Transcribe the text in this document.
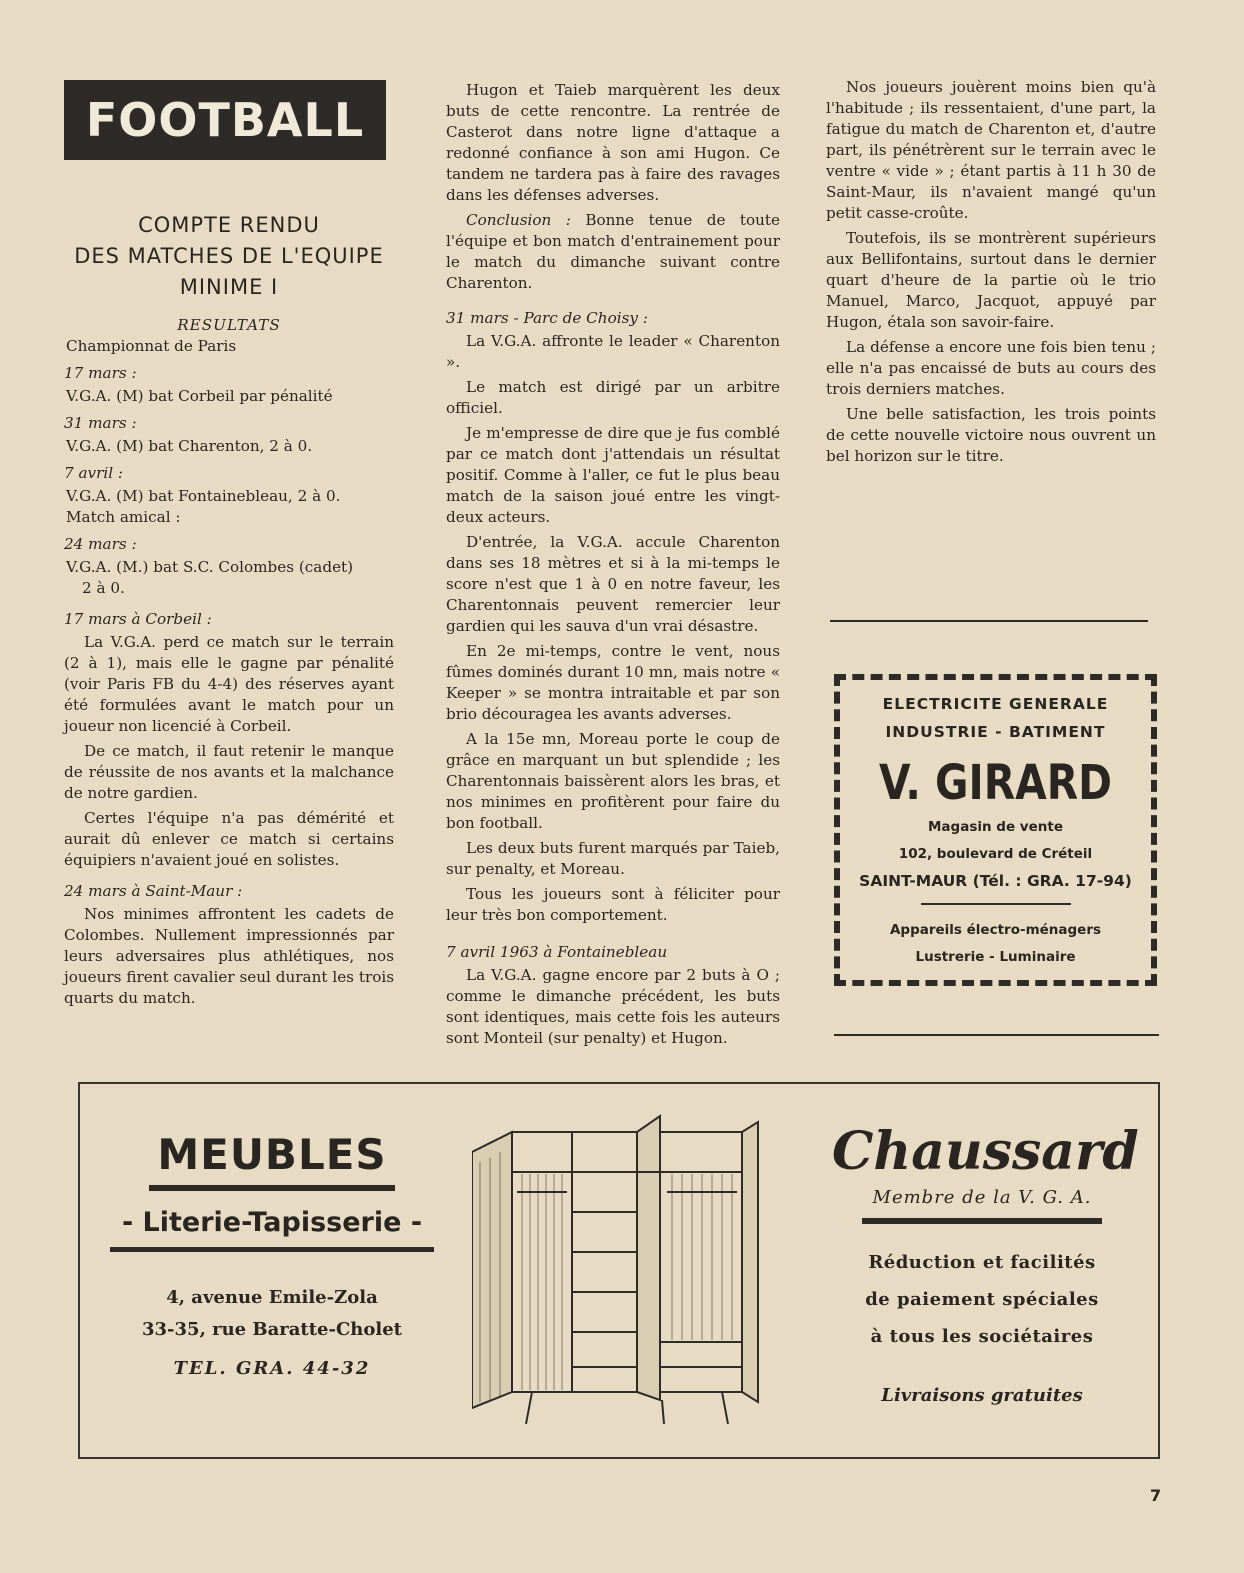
FOOTBALL
COMPTE RENDU
DES MATCHES DE L'EQUIPE
MINIME I
RESULTATS

Championnat de Paris

17 mars :

V.G.A. (M) bat Corbeil par pénalité

31 mars :

V.G.A. (M) bat Charenton, 2 à 0.

7 avril :

V.G.A. (M) bat Fontainebleau, 2 à 0.

Match amical :

24 mars :

V.G.A. (M.) bat S.C. Colombes (cadet)

2 à 0.

17 mars à Corbeil :

La V.G.A. perd ce match sur le terrain (2 à 1), mais elle le gagne par pénalité (voir Paris FB du 4-4) des réserves ayant été formulées avant le match pour un joueur non licencié à Corbeil.

De ce match, il faut retenir le manque de réussite de nos avants et la malchance de notre gardien.

Certes l'équipe n'a pas démérité et aurait dû enlever ce match si certains équipiers n'avaient joué en solistes.

24 mars à Saint-Maur :

Nos minimes affrontent les cadets de Colombes. Nullement impressionnés par leurs adversaires plus athlétiques, nos joueurs firent cavalier seul durant les trois quarts du match.

Hugon et Taieb marquèrent les deux buts de cette rencontre. La rentrée de Casterot dans notre ligne d'attaque a redonné confiance à son ami Hugon. Ce tandem ne tardera pas à faire des ravages dans les défenses adverses.

Conclusion : Bonne tenue de toute l'équipe et bon match d'entrainement pour le match du dimanche suivant contre Charenton.

31 mars - Parc de Choisy :

La V.G.A. affronte le leader « Charenton ».

Le match est dirigé par un arbitre officiel.

Je m'empresse de dire que je fus comblé par ce match dont j'attendais un résultat positif. Comme à l'aller, ce fut le plus beau match de la saison joué entre les vingt-deux acteurs.

D'entrée, la V.G.A. accule Charenton dans ses 18 mètres et si à la mi-temps le score n'est que 1 à 0 en notre faveur, les Charentonnais peuvent remercier leur gardien qui les sauva d'un vrai désastre.

En 2e mi-temps, contre le vent, nous fûmes dominés durant 10 mn, mais notre « Keeper » se montra intraitable et par son brio découragea les avants adverses.

A la 15e mn, Moreau porte le coup de grâce en marquant un but splendide ; les Charentonnais baissèrent alors les bras, et nos minimes en profitèrent pour faire du bon football.

Les deux buts furent marqués par Taieb, sur penalty, et Moreau.

Tous les joueurs sont à féliciter pour leur très bon comportement.

7 avril 1963 à Fontainebleau

La V.G.A. gagne encore par 2 buts à O ; comme le dimanche précédent, les buts sont identiques, mais cette fois les auteurs sont Monteil (sur penalty) et Hugon.

Nos joueurs jouèrent moins bien qu'à l'habitude ; ils ressentaient, d'une part, la fatigue du match de Charenton et, d'autre part, ils pénétrèrent sur le terrain avec le ventre « vide » ; étant partis à 11 h 30 de Saint-Maur, ils n'avaient mangé qu'un petit casse-croûte.

Toutefois, ils se montrèrent supérieurs aux Bellifontains, surtout dans le dernier quart d'heure de la partie où le trio Manuel, Marco, Jacquot, appuyé par Hugon, étala son savoir-faire.

La défense a encore une fois bien tenu ; elle n'a pas encaissé de buts au cours des trois derniers matches.

Une belle satisfaction, les trois points de cette nouvelle victoire nous ouvrent un bel horizon sur le titre.

ELECTRICITE GENERALE
INDUSTRIE - BATIMENT
V. GIRARD
Magasin de vente
102, boulevard de Créteil
SAINT-MAUR (Tél. : GRA. 17-94)
Appareils électro-ménagers
Lustrerie - Luminaire
MEUBLES
- Literie-Tapisserie -
4, avenue Emile-Zola
33-35, rue Baratte-Cholet
TEL. GRA. 44-32
Chaussard
Membre de la V. G. A.
Réduction et facilités
de paiement spéciales
à tous les sociétaires
Livraisons gratuites
7
